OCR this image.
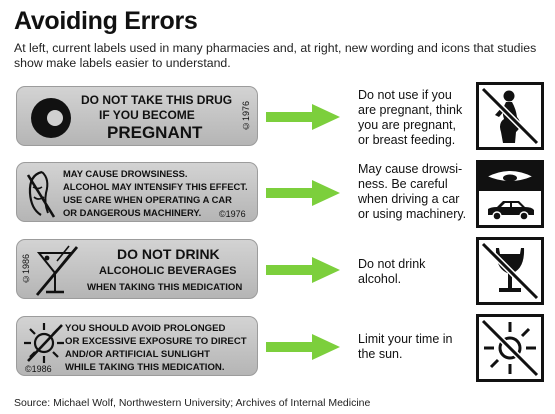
Avoiding Errors
At left, current labels used in many pharmacies and, at right, new wording and icons that studies show make labels easier to understand.
DO NOT TAKE THIS DRUG
IF YOU BECOME
PREGNANT
©1976
Do not use if you
are pregnant, think
you are pregnant,
or breast feeding.
MAY CAUSE DROWSINESS.
ALCOHOL MAY INTENSIFY THIS EFFECT.
USE CARE WHEN OPERATING A CAR
OR DANGEROUS MACHINERY. ©1976
May cause drowsi-
ness. Be careful
when driving a car
or using machinery.
©1986	DO NOT DRINK
ALCOHOLIC BEVERAGES
WHEN TAKING THIS MEDICATION
Do not drink
alcohol.
©1986
YOU SHOULD AVOID PROLONGED
OR EXCESSIVE EXPOSURE TO DIRECT
AND/OR ARTIFICIAL SUNLIGHT
WHILE TAKING THIS MEDICATION.
Limit your time in
the sun.
Source: Michael Wolf, Northwestern University; Archives of Internal Medicine
